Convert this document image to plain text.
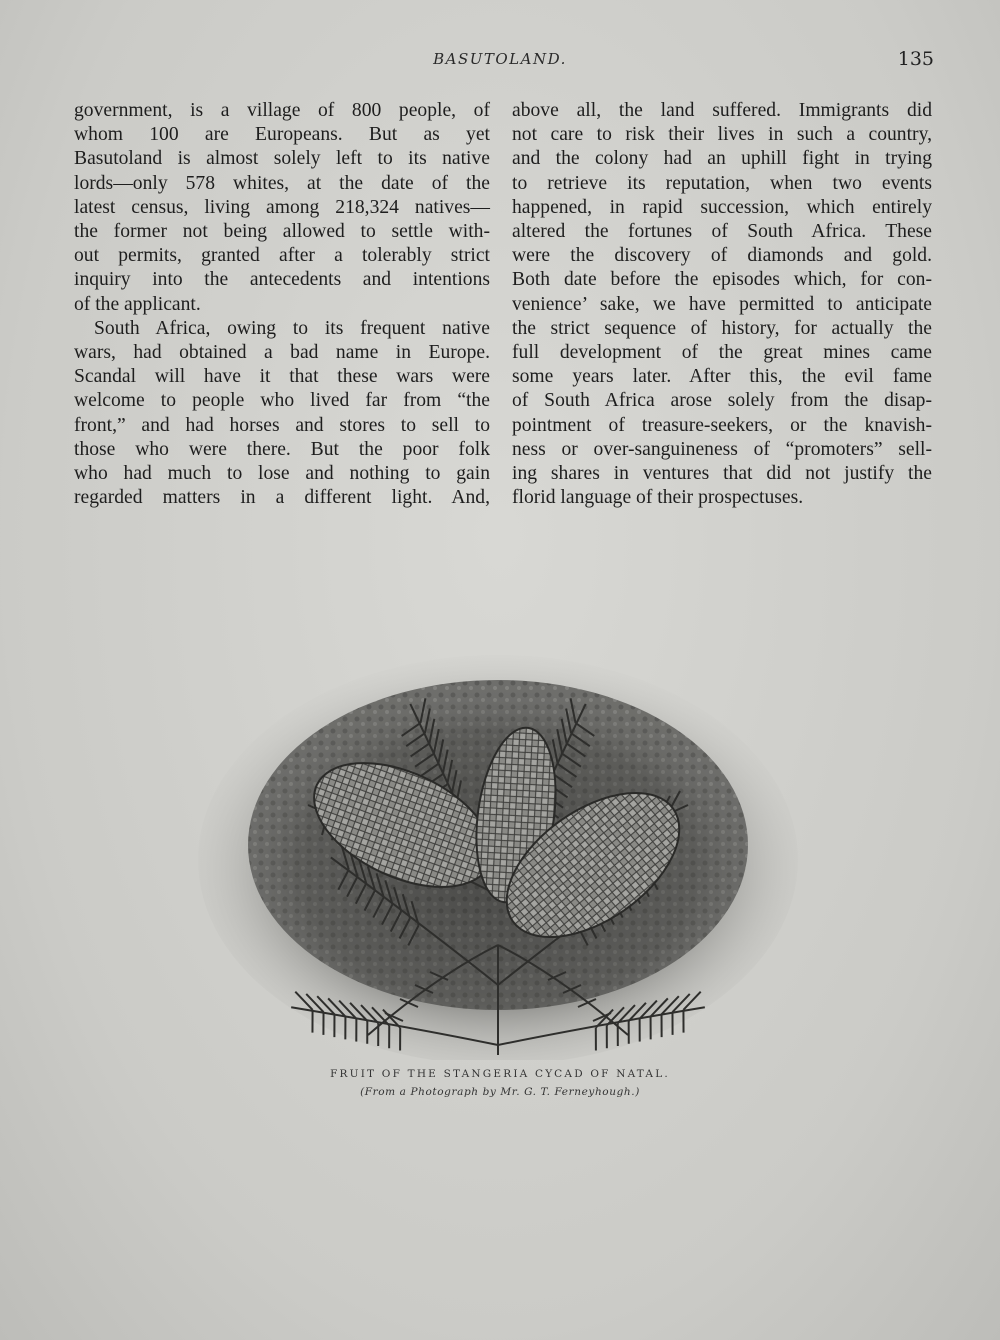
BASUTOLAND.	135

government, is a village of 800 people, of
whom 100 are Europeans. But as yet
Basutoland is almost solely left to its native
lords—only 578 whites, at the date of the
latest census, living among 218,324 natives—
the former not being allowed to settle with-
out permits, granted after a tolerably strict
inquiry into the antecedents and intentions
of the applicant.

South Africa, owing to its frequent native
wars, had obtained a bad name in Europe.
Scandal will have it that these wars were
welcome to people who lived far from “the
front,” and had horses and stores to sell to
those who were there. But the poor folk
who had much to lose and nothing to gain
regarded matters in a different light. And,

above all, the land suffered. Immigrants did
not care to risk their lives in such a country,
and the colony had an uphill fight in trying
to retrieve its reputation, when two events
happened, in rapid succession, which entirely
altered the fortunes of South Africa. These
were the discovery of diamonds and gold.
Both date before the episodes which, for con-
venience’ sake, we have permitted to anticipate
the strict sequence of history, for actually the
full development of the great mines came
some years later. After this, the evil fame
of South Africa arose solely from the disap-
pointment of treasure-seekers, or the knavish-
ness or over-sanguineness of “promoters” sell-
ing shares in ventures that did not justify the
florid language of their prospectuses.

FRUIT OF THE STANGERIA CYCAD OF NATAL.
(From a Photograph by Mr. G. T. Ferneyhough.)
